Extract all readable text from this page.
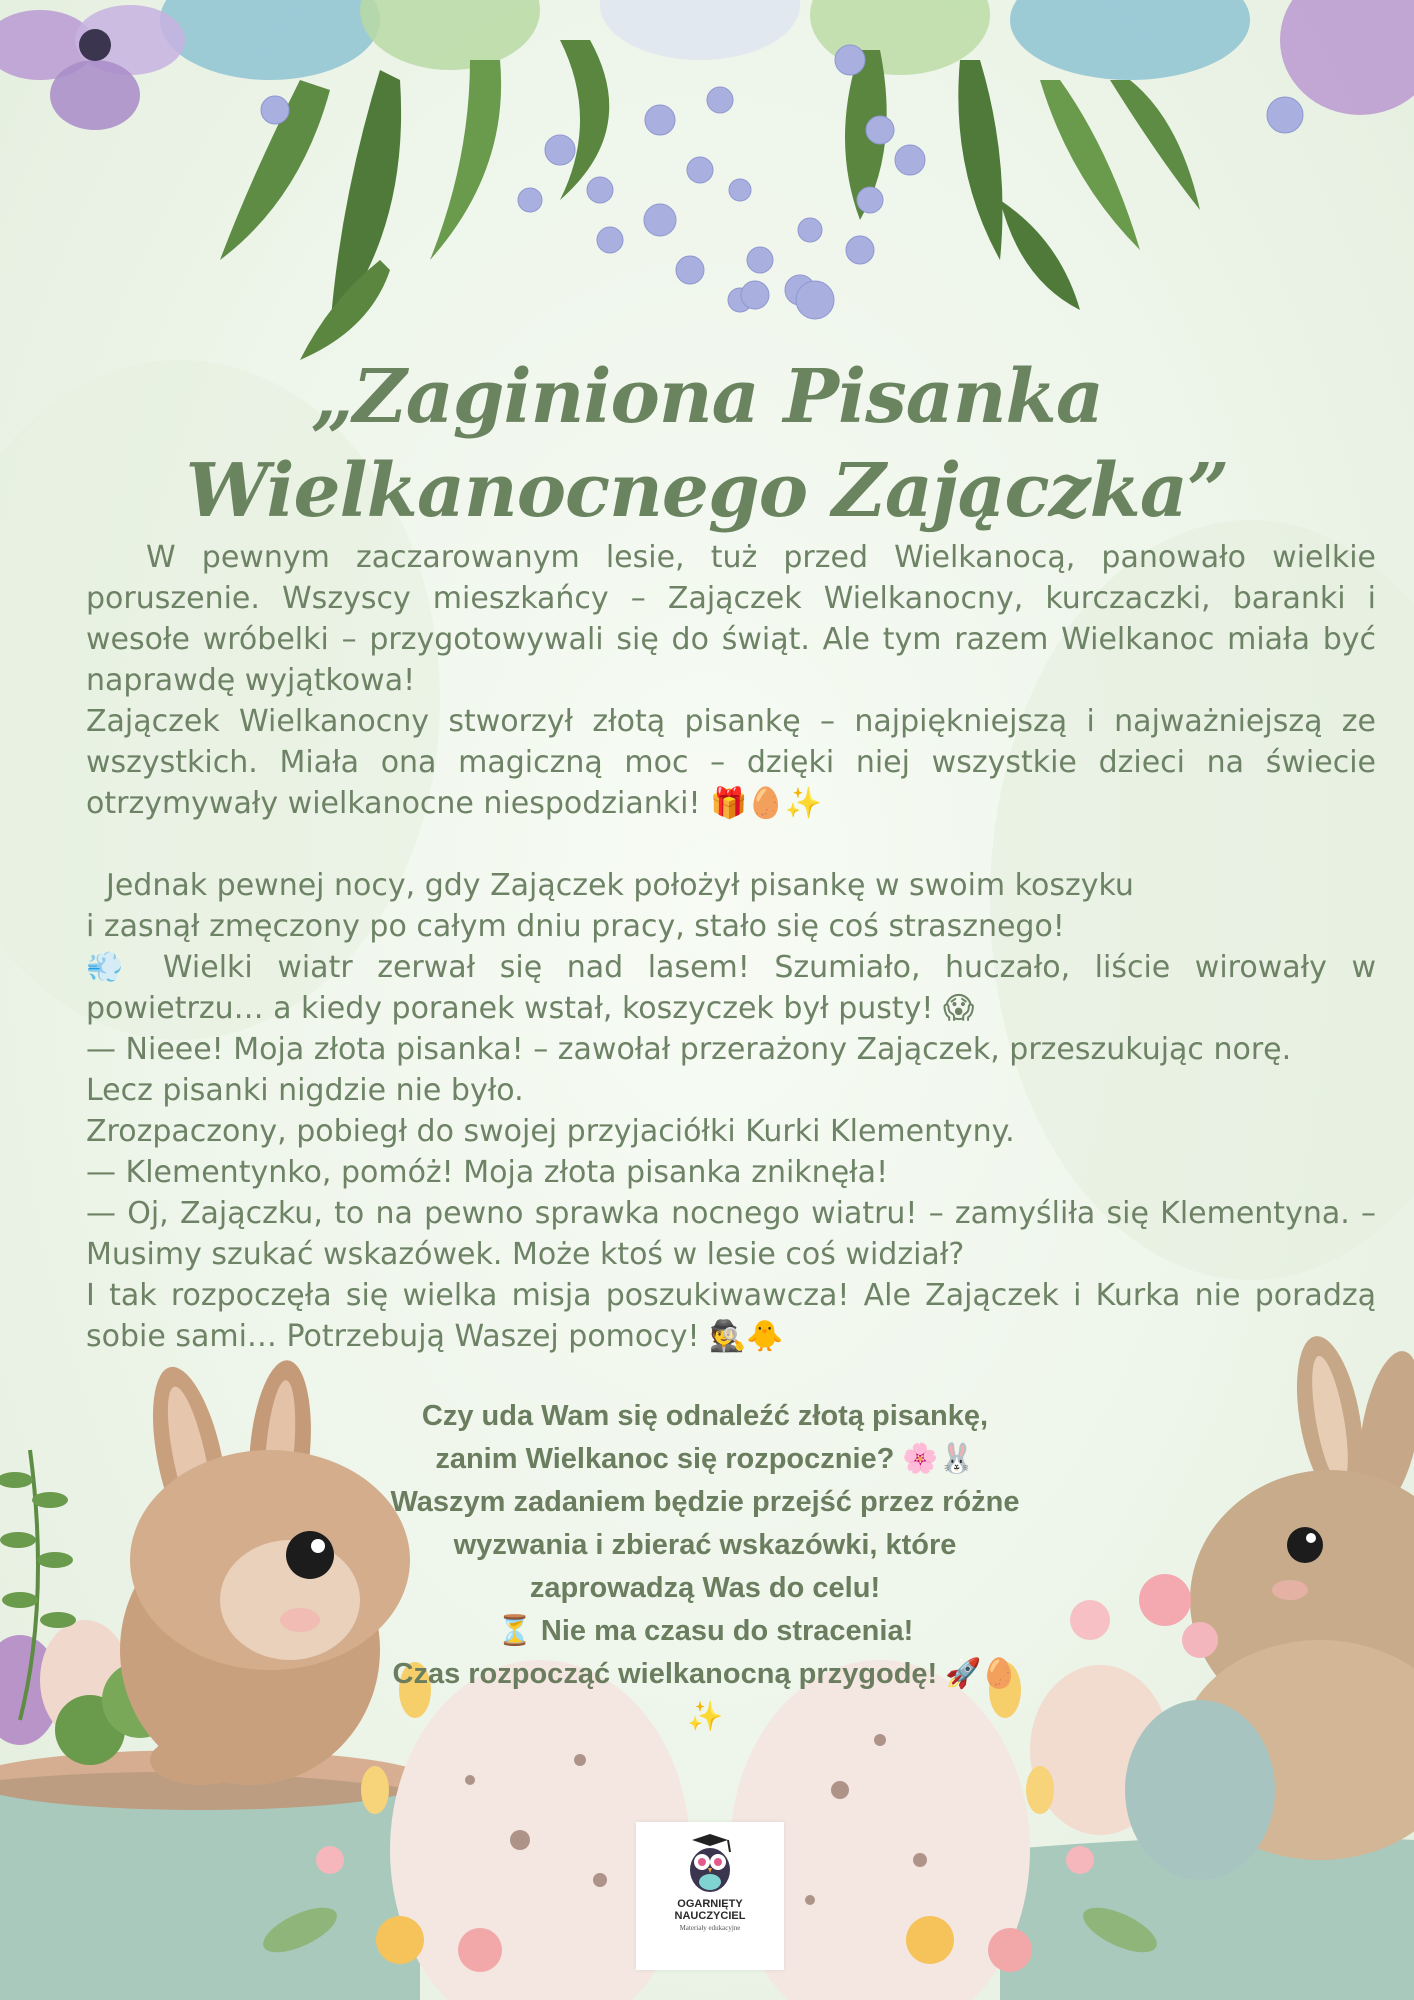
„Zaginiona Pisanka
Wielkanocnego Zajączka”

W pewnym zaczarowanym lesie, tuż przed Wielkanocą, panowało wielkie poruszenie. Wszyscy mieszkańcy – Zajączek Wielkanocny, kurczaczki, baranki i wesołe wróbelki – przygotowywali się do świąt. Ale tym razem Wielkanoc miała być naprawdę wyjątkowa!

Zajączek Wielkanocny stworzył złotą pisankę – najpiękniejszą i najważniejszą ze wszystkich. Miała ona magiczną moc – dzięki niej wszystkie dzieci na świecie otrzymywały wielkanocne niespodzianki! 🎁🥚✨

Jednak pewnej nocy, gdy Zajączek położył pisankę w swoim koszyku

i zasnął zmęczony po całym dniu pracy, stało się coś strasznego!

💨 Wielki wiatr zerwał się nad lasem! Szumiało, huczało, liście wirowały w powietrzu… a kiedy poranek wstał, koszyczek był pusty! 😱

— Nieee! Moja złota pisanka! – zawołał przerażony Zajączek, przeszukując norę.

Lecz pisanki nigdzie nie było.

Zrozpaczony, pobiegł do swojej przyjaciółki Kurki Klementyny.

— Klementynko, pomóż! Moja złota pisanka zniknęła!

— Oj, Zajączku, to na pewno sprawka nocnego wiatru! – zamyśliła się Klementyna. – Musimy szukać wskazówek. Może ktoś w lesie coś widział?

I tak rozpoczęła się wielka misja poszukiwawcza! Ale Zajączek i Kurka nie poradzą sobie sami… Potrzebują Waszej pomocy! 🕵️🐥

Czy uda Wam się odnaleźć złotą pisankę, zanim Wielkanoc się rozpocznie? 🌸🐰

Waszym zadaniem będzie przejść przez różne wyzwania i zbierać wskazówki, które zaprowadzą Was do celu!

⏳ Nie ma czasu do stracenia!

Czas rozpocząć wielkanocną przygodę! 🚀🥚✨

OGARNIĘTY
NAUCZYCIEL
Materiały edukacyjne
